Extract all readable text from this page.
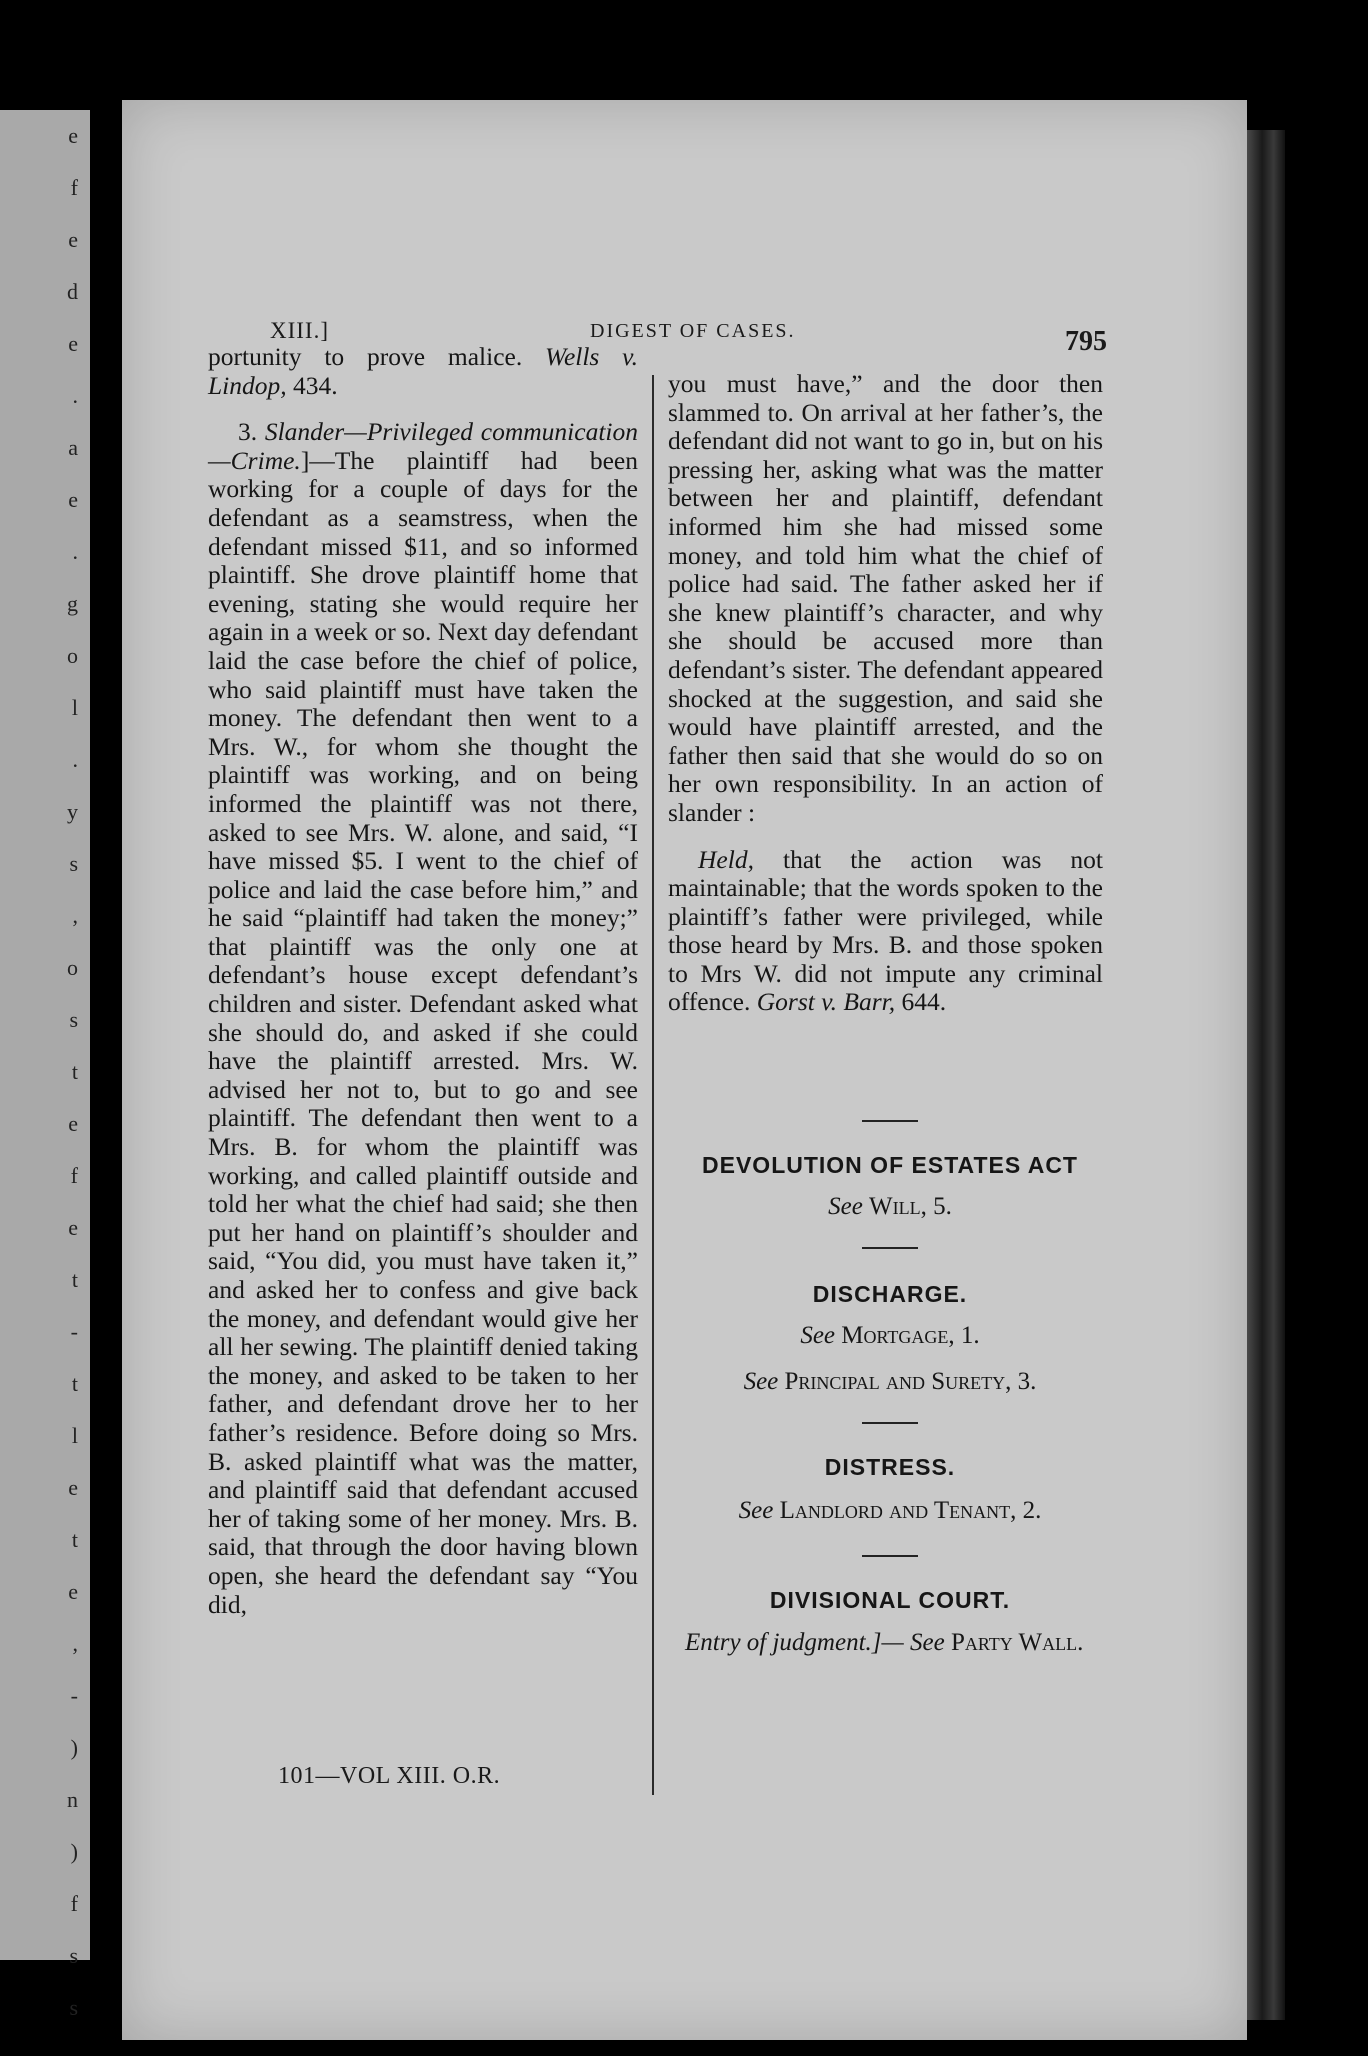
e
f
e
d
e
.
a
e
.
g
o
l
.
y
s
,
o
s
t
e
f
e
t
-
t
l
e
t
e
,
-
)
n
)
f
s
s
XIII.]	DIGEST OF CASES.	795

portunity to prove malice. Wells v. Lindop, 434.

3. Slander—Privileged communication—Crime.]—The plaintiff had been working for a couple of days for the defendant as a seamstress, when the defendant missed $11, and so informed plaintiff. She drove plaintiff home that evening, stating she would require her again in a week or so. Next day defendant laid the case before the chief of police, who said plaintiff must have taken the money. The defendant then went to a Mrs. W., for whom she thought the plaintiff was working, and on being informed the plaintiff was not there, asked to see Mrs. W. alone, and said, “I have missed $5. I went to the chief of police and laid the case before him,” and he said “plaintiff had taken the money;” that plaintiff was the only one at defendant’s house except defendant’s children and sister. Defendant asked what she should do, and asked if she could have the plaintiff arrested. Mrs. W. advised her not to, but to go and see plaintiff. The defendant then went to a Mrs. B. for whom the plaintiff was working, and called plaintiff outside and told her what the chief had said; she then put her hand on plaintiff’s shoulder and said, “You did, you must have taken it,” and asked her to confess and give back the money, and defendant would give her all her sewing. The plaintiff denied taking the money, and asked to be taken to her father, and defendant drove her to her father’s residence. Before doing so Mrs. B. asked plaintiff what was the matter, and plaintiff said that defendant accused her of taking some of her money. Mrs. B. said, that through the door having blown open, she heard the defendant say “You did,

101—VOL XIII. O.R.

you must have,” and the door then slammed to. On arrival at her father’s, the defendant did not want to go in, but on his pressing her, asking what was the matter between her and plaintiff, defendant informed him she had missed some money, and told him what the chief of police had said. The father asked her if she knew plaintiff’s character, and why she should be accused more than defendant’s sister. The defendant appeared shocked at the suggestion, and said she would have plaintiff arrested, and the father then said that she would do so on her own responsibility. In an action of slander :

Held, that the action was not maintainable; that the words spoken to the plaintiff’s father were privileged, while those heard by Mrs. B. and those spoken to Mrs W. did not impute any criminal offence. Gorst v. Barr, 644.

DEVOLUTION OF ESTATES ACT
See Will, 5.
DISCHARGE.
See Mortgage, 1.
See Principal and Surety, 3.
DISTRESS.
See Landlord and Tenant, 2.
DIVISIONAL COURT.
Entry of judgment.]— See Party Wall.
